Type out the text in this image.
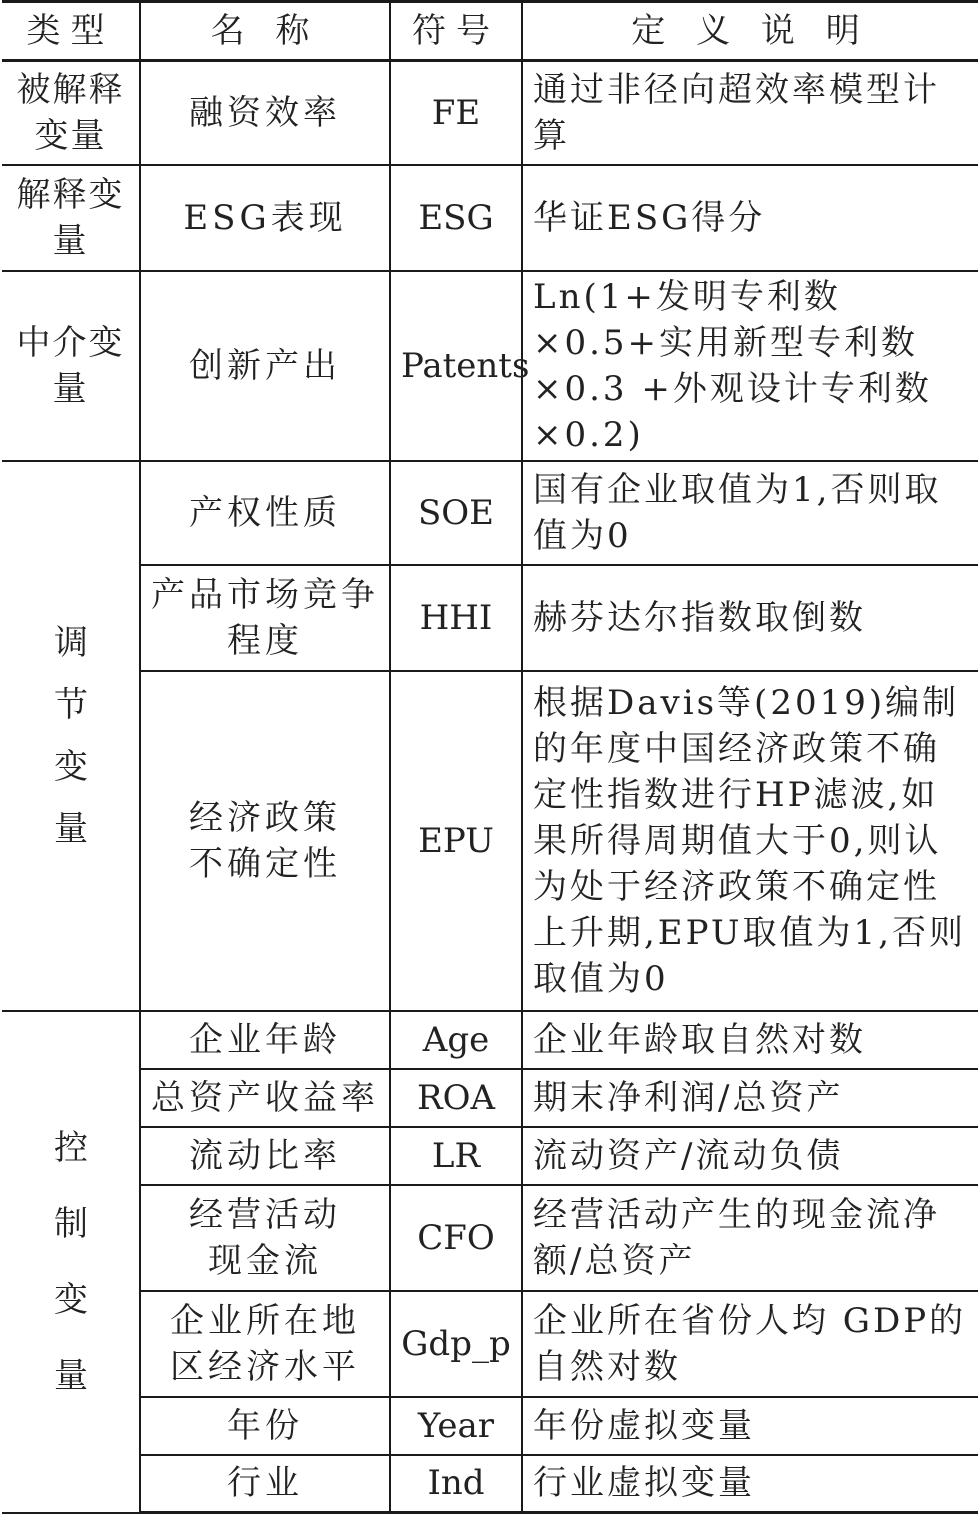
类型	名 称	符号	定 义 说 明
被解释变量	融资效率	FE	通过非径向超效率模型计算
解释变量	ESG表现	ESG	华证ESG得分
中介变量	创新产出	Patents	Ln(1+发明专利数×0.5+实用新型专利数×0.3 +外观设计专利数×0.2)
调节变量	产权性质	SOE	国有企业取值为1,否则取值为0
	产品市场竞争程度	HHI	赫芬达尔指数取倒数
	经济政策不确定性	EPU	根据Davis等(2019)编制的年度中国经济政策不确定性指数进行HP滤波,如果所得周期值大于0,则认为处于经济政策不确定性上升期,EPU取值为1,否则取值为0
控制变量	企业年龄	Age	企业年龄取自然对数
	总资产收益率	ROA	期末净利润/总资产
	流动比率	LR	流动资产/流动负债
	经营活动现金流	CFO	经营活动产生的现金流净额/总资产
	企业所在地区经济水平	Gdp_p	企业所在省份人均 GDP的自然对数
	年份	Year	年份虚拟变量
	行业	Ind	行业虚拟变量
